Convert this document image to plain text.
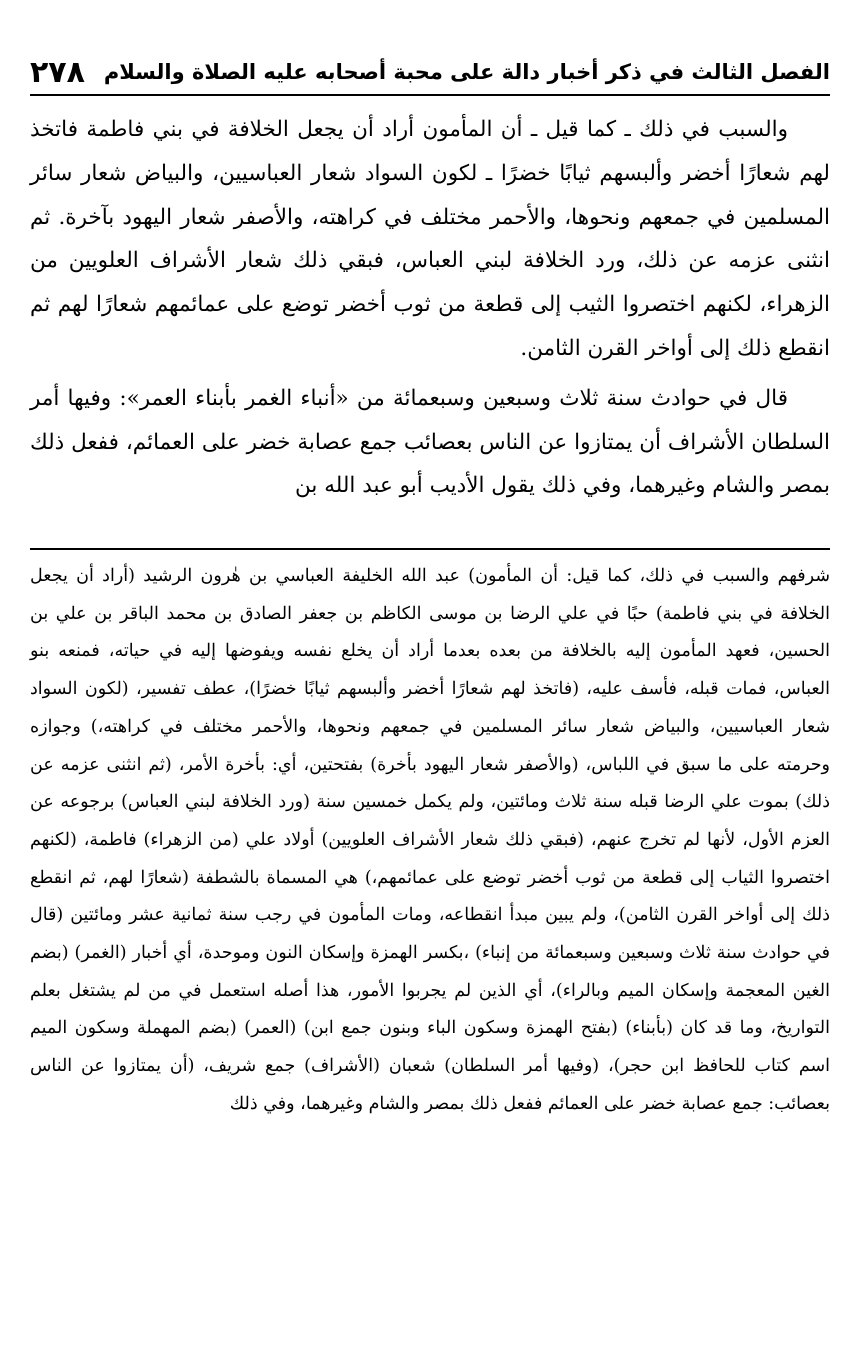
الفصل الثالث في ذكر أخبار دالة على محبة أصحابه عليه الصلاة والسلام
٢٧٨

والسبب في ذلك ـ كما قيل ـ أن المأمون أراد أن يجعل الخلافة في بني فاطمة فاتخذ لهم شعارًا أخضر وألبسهم ثيابًا خضرًا ـ لكون السواد شعار العباسيين، والبياض شعار سائر المسلمين في جمعهم ونحوها، والأحمر مختلف في كراهته، والأصفر شعار اليهود بآخرة. ثم انثنى عزمه عن ذلك، ورد الخلافة لبني العباس، فبقي ذلك شعار الأشراف العلويين من الزهراء، لكنهم اختصروا الثيب إلى قطعة من ثوب أخضر توضع على عمائمهم شعارًا لهم ثم انقطع ذلك إلى أواخر القرن الثامن.

قال في حوادث سنة ثلاث وسبعين وسبعمائة من «أنباء الغمر بأبناء العمر»: وفيها أمر السلطان الأشراف أن يمتازوا عن الناس بعصائب جمع عصابة خضر على العمائم، ففعل ذلك بمصر والشام وغيرهما، وفي ذلك يقول الأديب أبو عبد الله بن

شرفهم والسبب في ذلك، كما قيل: أن المأمون) عبد الله الخليفة العباسي بن هٰرون الرشيد (أراد أن يجعل الخلافة في بني فاطمة) حبًا في علي الرضا بن موسى الكاظم بن جعفر الصادق بن محمد الباقر بن علي بن الحسين، فعهد المأمون إليه بالخلافة من بعده بعدما أراد أن يخلع نفسه ويفوضها إليه في حياته، فمنعه بنو العباس، فمات قبله، فأسف عليه، (فاتخذ لهم شعارًا أخضر وألبسهم ثيابًا خضرًا)، عطف تفسير، (لكون السواد شعار العباسيين، والبياض شعار سائر المسلمين في جمعهم ونحوها، والأحمر مختلف في كراهته،) وجوازه وحرمته على ما سبق في اللباس، (والأصفر شعار اليهود بأخرة) بفتحتين، أي: بأخرة الأمر، (ثم انثنى عزمه عن ذلك) بموت علي الرضا قبله سنة ثلاث ومائتين، ولم يكمل خمسين سنة (ورد الخلافة لبني العباس) برجوعه عن العزم الأول، لأنها لم تخرج عنهم، (فبقي ذلك شعار الأشراف العلويين) أولاد علي (من الزهراء) فاطمة، (لكنهم اختصروا الثياب إلى قطعة من ثوب أخضر توضع على عمائمهم،) هي المسماة بالشطفة (شعارًا لهم، ثم انقطع ذلك إلى أواخر القرن الثامن)، ولم يبين مبدأ انقطاعه، ومات المأمون في رجب سنة ثمانية عشر ومائتين (قال في حوادث سنة ثلاث وسبعين وسبعمائة من إنباء) ،بكسر الهمزة وإسكان النون وموحدة، أي أخبار (الغمر) (بضم الغين المعجمة وإسكان الميم وبالراء)، أي الذين لم يجربوا الأمور، هذا أصله استعمل في من لم يشتغل بعلم التواريخ، وما قد كان (بأبناء) (بفتح الهمزة وسكون الباء وبنون جمع ابن) (العمر) (بضم المهملة وسكون الميم اسم كتاب للحافظ ابن حجر)، (وفيها أمر السلطان) شعبان (الأشراف) جمع شريف، (أن يمتازوا عن الناس بعصائب: جمع عصابة خضر على العمائم ففعل ذلك بمصر والشام وغيرهما، وفي ذلك
